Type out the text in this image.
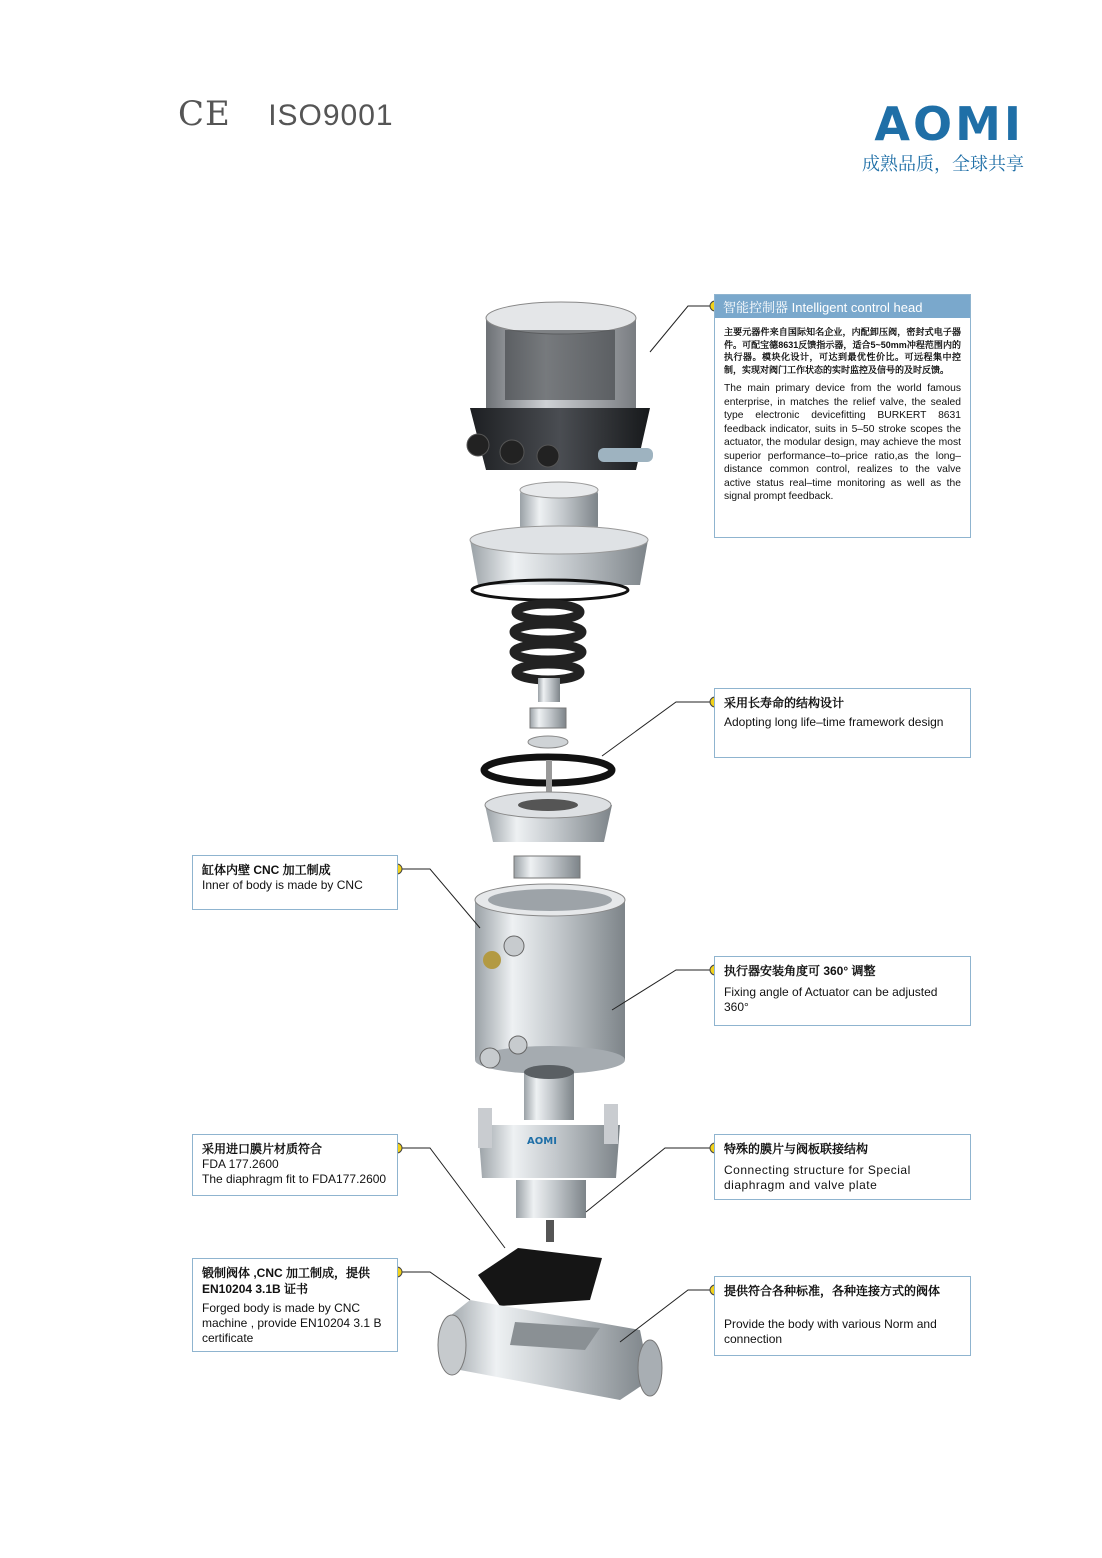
CE ISO9001	AOMI
成熟品质，全球共享
AOMI
智能控制器 Intelligent control head

主要元器件来自国际知名企业，内配卸压阀，密封式电子器件。可配宝德8631反馈指示器，适合5~50mm冲程范围内的执行器。模块化设计，可达到最优性价比。可远程集中控制，实现对阀门工作状态的实时监控及信号的及时反馈。

The main primary device from the world famous enterprise, in matches the relief valve, the sealed type electronic devicefitting BURKERT 8631 feedback indicator, suits in 5–50 stroke scopes the actuator, the modular design, may achieve the most superior performance–to–price ratio,as the long–distance common control, realizes to the valve active status real–time monitoring as well as the signal prompt feedback.

采用长寿命的结构设计

Adopting long life–time framework design

缸体内壁 CNC 加工制成

Inner of body is made by CNC

执行器安装角度可 360° 调整

Fixing angle of Actuator can be adjusted 360°

采用进口膜片材质符合

FDA 177.2600

The diaphragm fit to FDA177.2600

特殊的膜片与阀板联接结构

Connecting structure for Special diaphragm and valve plate

锻制阀体 ,CNC 加工制成，提供 EN10204 3.1B 证书

Forged body is made by CNC machine , provide EN10204 3.1 B certificate

提供符合各种标准，各种连接方式的阀体

Provide the body with various Norm and connection
